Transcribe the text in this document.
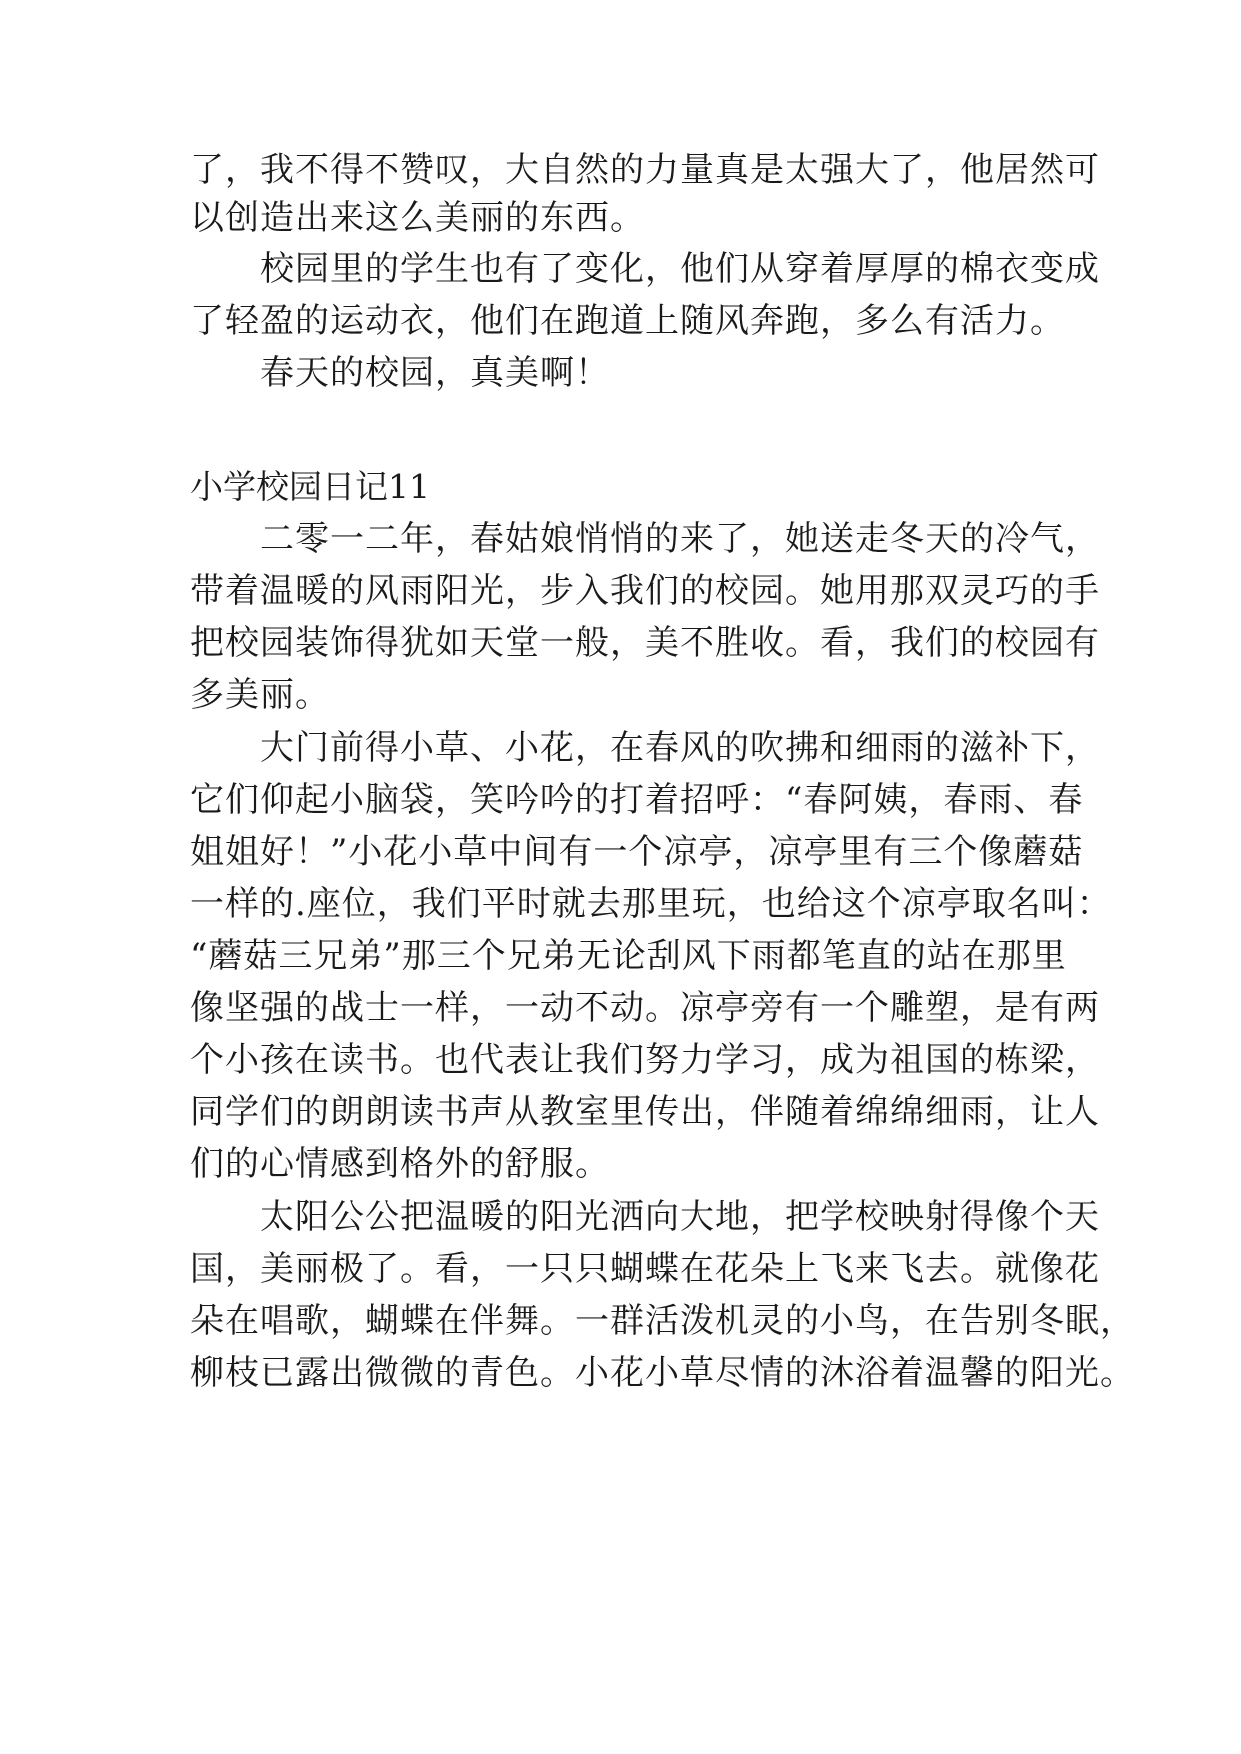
了，我不得不赞叹，大自然的力量真是太强大了，他居然可
以创造出来这么美丽的东西。
　　校园里的学生也有了变化，他们从穿着厚厚的棉衣变成
了轻盈的运动衣，他们在跑道上随风奔跑，多么有活力。
　　春天的校园，真美啊！
小学校园日记11
　　二零一二年，春姑娘悄悄的来了，她送走冬天的冷气，
带着温暖的风雨阳光，步入我们的校园。她用那双灵巧的手
把校园装饰得犹如天堂一般，美不胜收。看，我们的校园有
多美丽。
　　大门前得小草、小花，在春风的吹拂和细雨的滋补下，
它们仰起小脑袋，笑吟吟的打着招呼：“春阿姨，春雨、春
姐姐好！”小花小草中间有一个凉亭，凉亭里有三个像蘑菇
一样的.座位，我们平时就去那里玩，也给这个凉亭取名叫：
“蘑菇三兄弟”那三个兄弟无论刮风下雨都笔直的站在那里
像坚强的战士一样，一动不动。凉亭旁有一个雕塑，是有两
个小孩在读书。也代表让我们努力学习，成为祖国的栋梁，
同学们的朗朗读书声从教室里传出，伴随着绵绵细雨，让人
们的心情感到格外的舒服。
　　太阳公公把温暖的阳光洒向大地，把学校映射得像个天
国，美丽极了。看，一只只蝴蝶在花朵上飞来飞去。就像花
朵在唱歌，蝴蝶在伴舞。一群活泼机灵的小鸟，在告别冬眠，
柳枝已露出微微的青色。小花小草尽情的沐浴着温馨的阳光。
